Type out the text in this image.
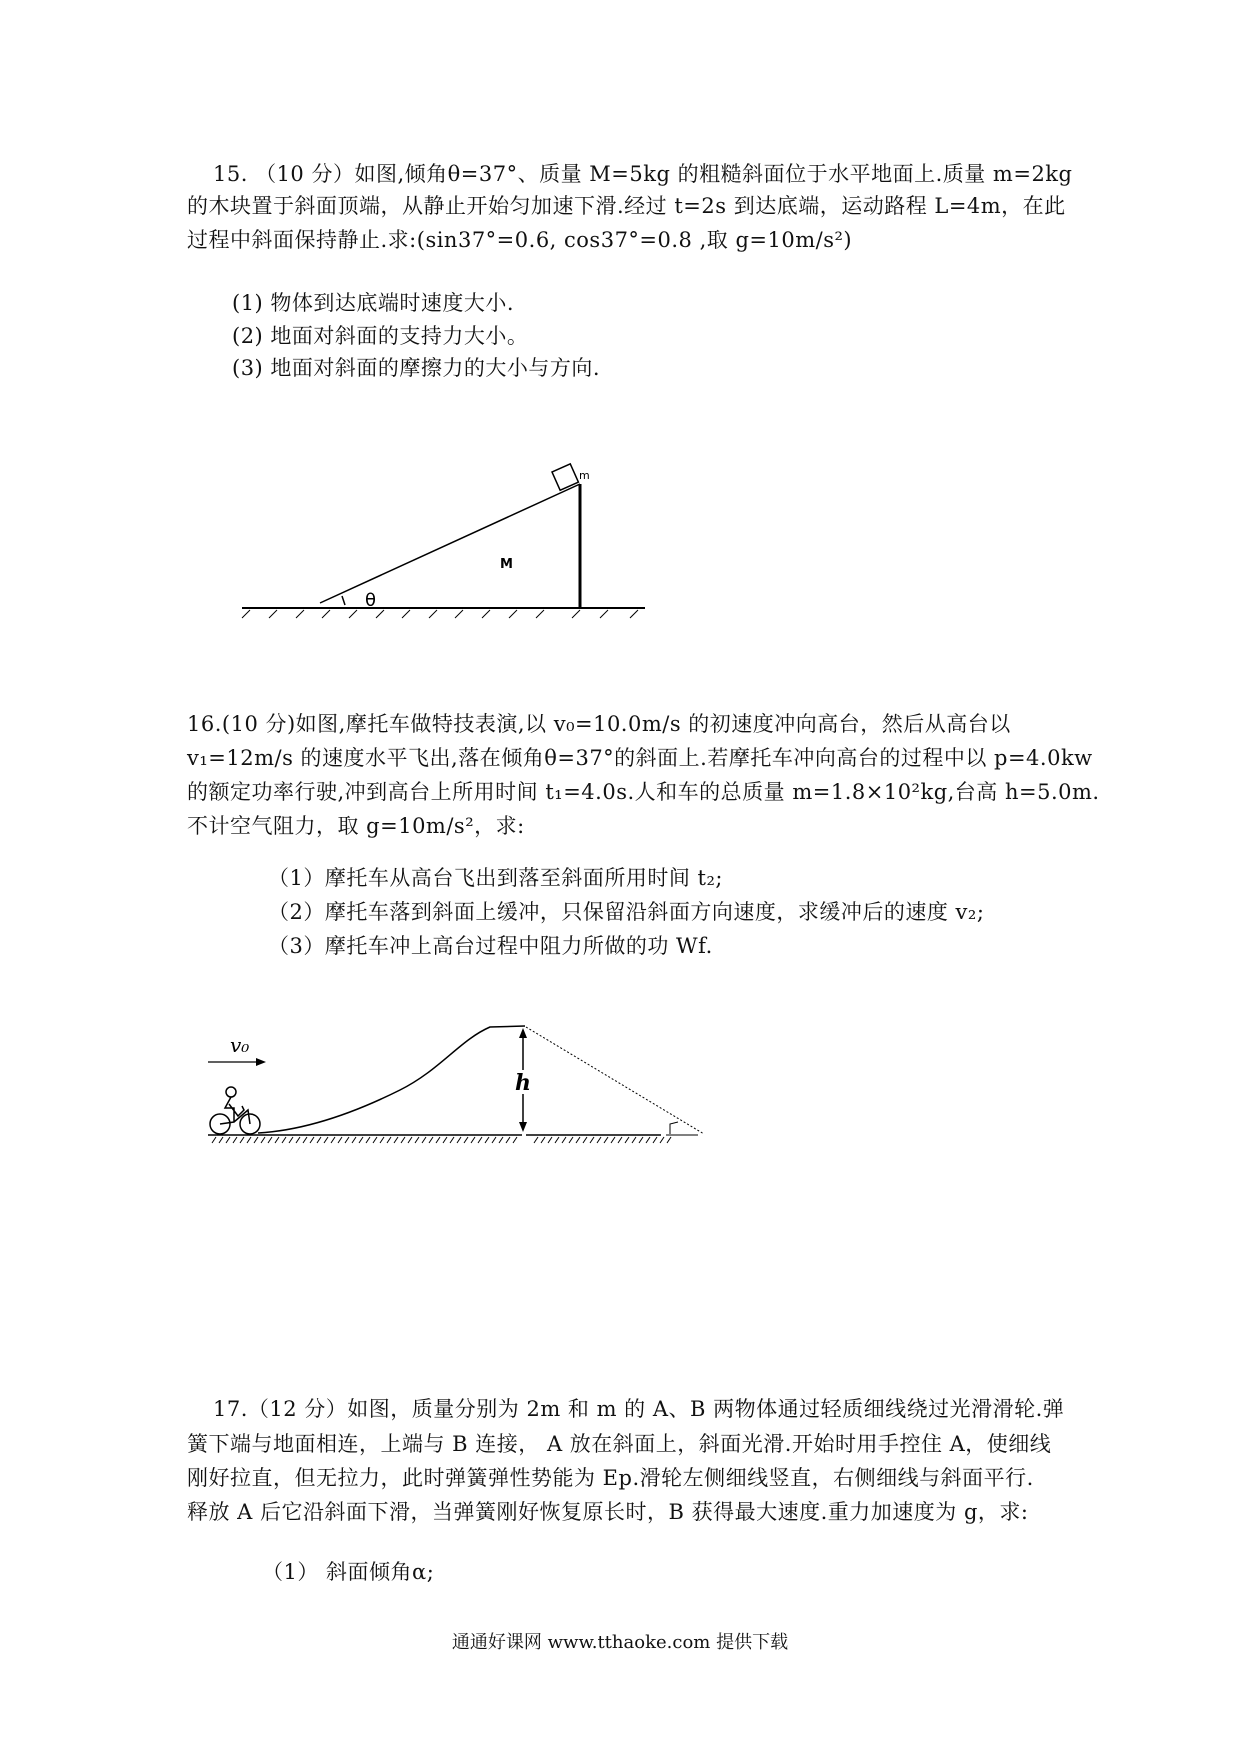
15. （10 分）如图,倾角θ=37°、质量 M=5kg 的粗糙斜面位于水平地面上.质量 m=2kg
的木块置于斜面顶端，从静止开始匀加速下滑.经过 t=2s 到达底端，运动路程 L=4m，在此
过程中斜面保持静止.求:(sin37°=0.6, cos37°=0.8 ,取 g=10m/s²)
(1) 物体到达底端时速度大小.
(2) 地面对斜面的支持力大小。
(3) 地面对斜面的摩擦力的大小与方向.
θ
M
m
16.(10 分)如图,摩托车做特技表演,以 v₀=10.0m/s 的初速度冲向高台，然后从高台以
v₁=12m/s 的速度水平飞出,落在倾角θ=37°的斜面上.若摩托车冲向高台的过程中以 p=4.0kw
的额定功率行驶,冲到高台上所用时间 t₁=4.0s.人和车的总质量 m=1.8×10²kg,台高 h=5.0m.
不计空气阻力，取 g=10m/s²，求:
（1）摩托车从高台飞出到落至斜面所用时间 t₂;
（2）摩托车落到斜面上缓冲，只保留沿斜面方向速度，求缓冲后的速度 v₂;
（3）摩托车冲上高台过程中阻力所做的功 Wf.
v₀
h
17.（12 分）如图，质量分别为 2m 和 m 的 A、B 两物体通过轻质细线绕过光滑滑轮.弹
簧下端与地面相连，上端与 B 连接， A 放在斜面上，斜面光滑.开始时用手控住 A，使细线
刚好拉直，但无拉力，此时弹簧弹性势能为 Ep.滑轮左侧细线竖直，右侧细线与斜面平行.
释放 A 后它沿斜面下滑，当弹簧刚好恢复原长时，B 获得最大速度.重力加速度为 g，求:
（1） 斜面倾角α;
通通好课网 www.tthaoke.com 提供下载
